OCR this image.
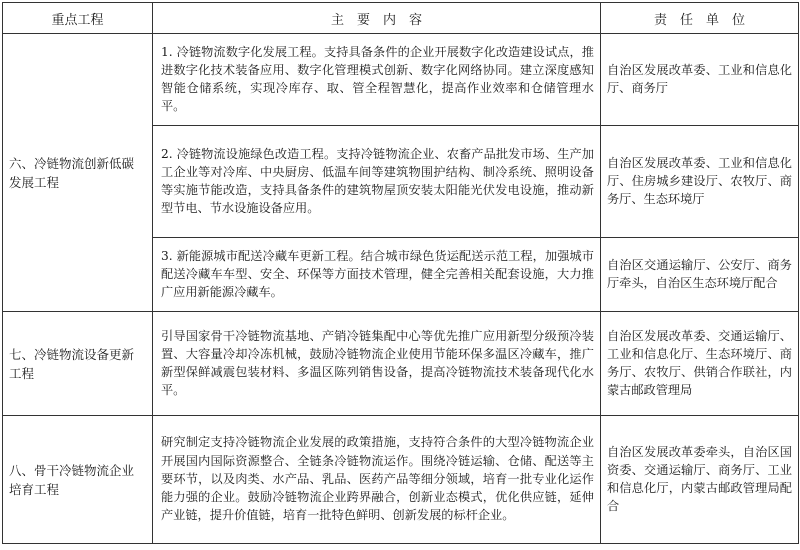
重点工程	主　要　内　容	责　任　单　位
六、冷链物流创新低碳发展工程	1. 冷链物流数字化发展工程。支持具备条件的企业开展数字化改造建设试点，推进数字化技术装备应用、数字化管理模式创新、数字化网络协同。建立深度感知智能仓储系统，实现冷库存、取、管全程智慧化，提高作业效率和仓储管理水平。	自治区发展改革委、工业和信息化厅、商务厅
	2. 冷链物流设施绿色改造工程。支持冷链物流企业、农畜产品批发市场、生产加工企业等对冷库、中央厨房、低温车间等建筑物围护结构、制冷系统、照明设备等实施节能改造，支持具备条件的建筑物屋顶安装太阳能光伏发电设施，推动新型节电、节水设施设备应用。	自治区发展改革委、工业和信息化厅、住房城乡建设厅、农牧厅、商务厅、生态环境厅
	3. 新能源城市配送冷藏车更新工程。结合城市绿色货运配送示范工程，加强城市配送冷藏车车型、安全、环保等方面技术管理，健全完善相关配套设施，大力推广应用新能源冷藏车。	自治区交通运输厅、公安厅、商务厅牵头，自治区生态环境厅配合
七、冷链物流设备更新工程	引导国家骨干冷链物流基地、产销冷链集配中心等优先推广应用新型分级预冷装置、大容量冷却冷冻机械，鼓励冷链物流企业使用节能环保多温区冷藏车，推广新型保鲜减震包装材料、多温区陈列销售设备，提高冷链物流技术装备现代化水平。	自治区发展改革委、交通运输厅、工业和信息化厅、生态环境厅、商务厅、农牧厅、供销合作联社，内蒙古邮政管理局
八、骨干冷链物流企业培育工程	研究制定支持冷链物流企业发展的政策措施，支持符合条件的大型冷链物流企业开展国内国际资源整合、全链条冷链物流运作。围绕冷链运输、仓储、配送等主要环节，以及肉类、水产品、乳品、医药产品等细分领域，培育一批专业化运作能力强的企业。鼓励冷链物流企业跨界融合，创新业态模式，优化供应链，延伸产业链，提升价值链，培育一批特色鲜明、创新发展的标杆企业。	自治区发展改革委牵头，自治区国资委、交通运输厅、商务厅、工业和信息化厅，内蒙古邮政管理局配合
